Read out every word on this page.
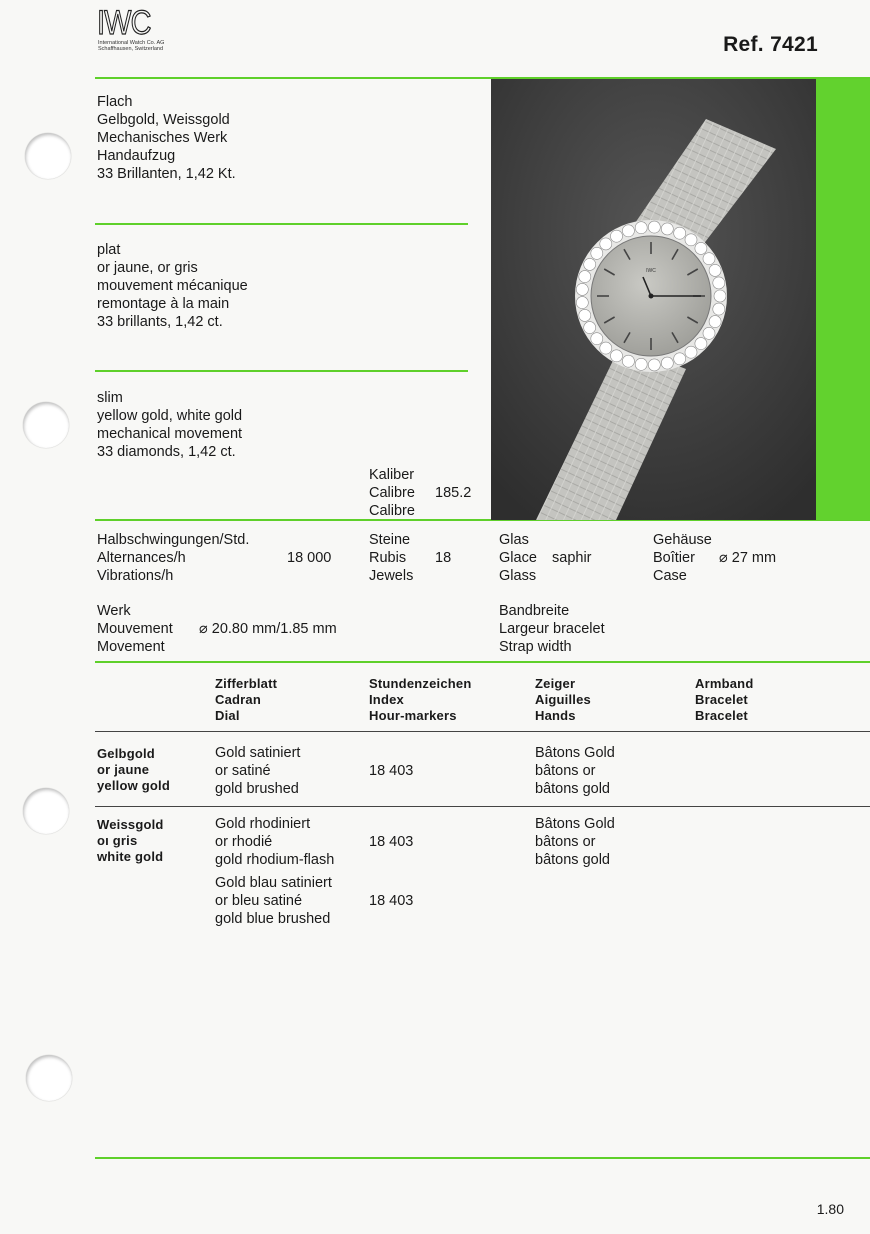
IWC
International Watch Co. AG
Schaffhausen, Switzerland	Ref. 7421
IWC
Flach
Gelbgold, Weissgold
Mechanisches Werk
Handaufzug
33 Brillanten, 1,42 Kt.
plat
or jaune, or gris
mouvement mécanique
remontage à la main
33 brillants, 1,42 ct.
slim
yellow gold, white gold
mechanical movement
33 diamonds, 1,42 ct.
Kaliber
Calibre
Calibre
185.2
Halbschwingungen/Std.
Alternances/h
Vibrations/h
18 000
Steine
Rubis
Jewels
18
Glas
Glace
Glass
saphir
Gehäuse
Boîtier
Case
⌀ 27 mm
Werk
Mouvement
Movement
⌀ 20.80 mm/1.85 mm
Bandbreite
Largeur bracelet
Strap width
Zifferblatt
Cadran
Dial
Stundenzeichen
Index
Hour-markers
Zeiger
Aiguilles
Hands
Armband
Bracelet
Bracelet
Gelbgold
or jaune
yellow gold
Gold satiniert
or satiné
gold brushed
18 403
Bâtons Gold
bâtons or
bâtons gold
Weissgold
oı gris
white gold
Gold rhodiniert
or rhodié
gold rhodium-flash
18 403
Bâtons Gold
bâtons or
bâtons gold
Gold blau satiniert
or bleu satiné
gold blue brushed
18 403
1.80
